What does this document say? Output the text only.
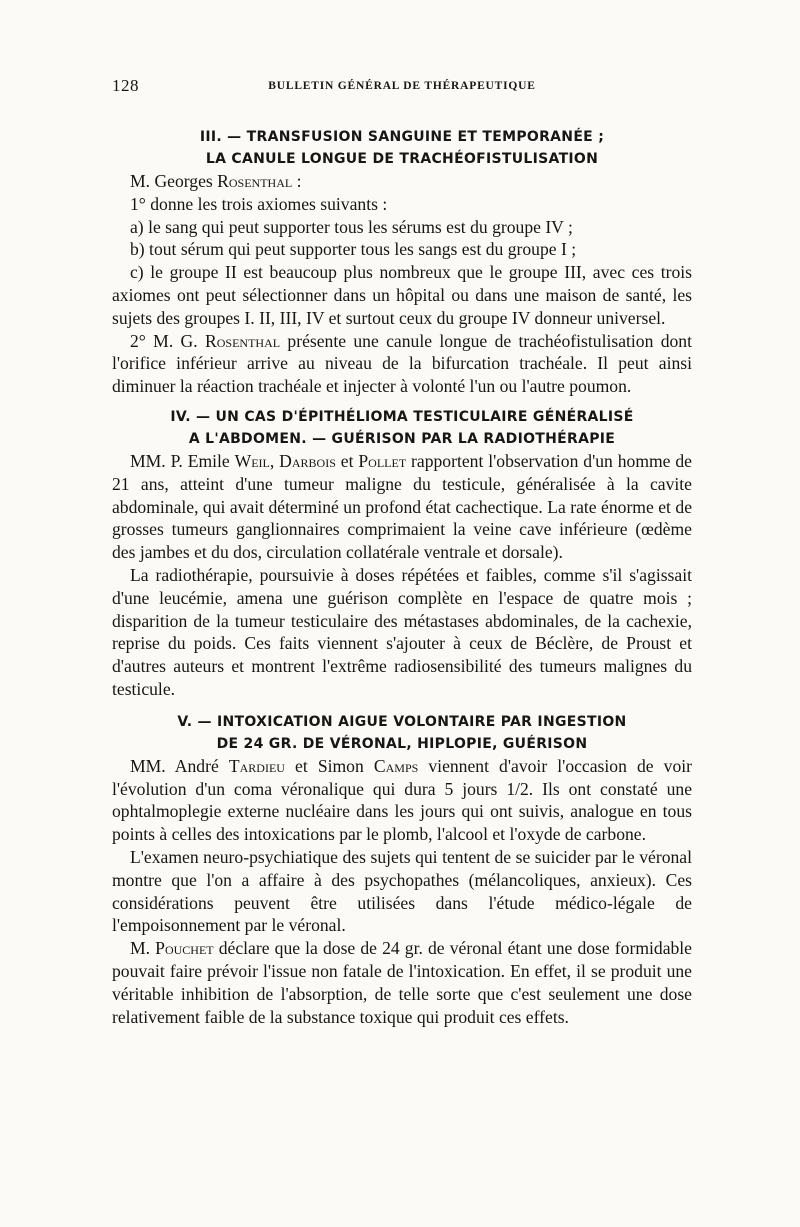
128	BULLETIN GÉNÉRAL DE THÉRAPEUTIQUE
III. — TRANSFUSION SANGUINE ET TEMPORANÉE ;
LA CANULE LONGUE DE TRACHÉOFISTULISATION

M. Georges Rosenthal :

1° donne les trois axiomes suivants :

a) le sang qui peut supporter tous les sérums est du groupe IV ;

b) tout sérum qui peut supporter tous les sangs est du groupe I ;

c) le groupe II est beaucoup plus nombreux que le groupe III, avec ces trois axiomes ont peut sélectionner dans un hôpital ou dans une maison de santé, les sujets des groupes I. II, III, IV et surtout ceux du groupe IV donneur universel.

2° M. G. Rosenthal présente une canule longue de trachéofistulisation dont l'orifice inférieur arrive au niveau de la bifurcation trachéale. Il peut ainsi diminuer la réaction trachéale et injecter à volonté l'un ou l'autre poumon.

IV. — UN CAS D'ÉPITHÉLIOMA TESTICULAIRE GÉNÉRALISÉ
A L'ABDOMEN. — GUÉRISON PAR LA RADIOTHÉRAPIE

MM. P. Emile Weil, Darbois et Pollet rapportent l'observation d'un homme de 21 ans, atteint d'une tumeur maligne du testicule, généralisée à la cavite abdominale, qui avait déterminé un profond état cachectique. La rate énorme et de grosses tumeurs ganglionnaires comprimaient la veine cave inférieure (œdème des jambes et du dos, circulation collatérale ventrale et dorsale).

La radiothérapie, poursuivie à doses répétées et faibles, comme s'il s'agissait d'une leucémie, amena une guérison complète en l'espace de quatre mois ; disparition de la tumeur testiculaire des métastases abdominales, de la cachexie, reprise du poids. Ces faits viennent s'ajouter à ceux de Béclère, de Proust et d'autres auteurs et montrent l'extrême radiosensibilité des tumeurs malignes du testicule.

V. — INTOXICATION AIGUE VOLONTAIRE PAR INGESTION
DE 24 GR. DE VÉRONAL, HIPLOPIE, GUÉRISON

MM. André Tardieu et Simon Camps viennent d'avoir l'occasion de voir l'évolution d'un coma véronalique qui dura 5 jours 1/2. Ils ont constaté une ophtalmoplegie externe nucléaire dans les jours qui ont suivis, analogue en tous points à celles des intoxications par le plomb, l'alcool et l'oxyde de carbone.

L'examen neuro-psychiatique des sujets qui tentent de se suicider par le véronal montre que l'on a affaire à des psychopathes (mélancoliques, anxieux). Ces considérations peuvent être utilisées dans l'étude médico-légale de l'empoisonnement par le véronal.

M. Pouchet déclare que la dose de 24 gr. de véronal étant une dose formidable pouvait faire prévoir l'issue non fatale de l'intoxication. En effet, il se produit une véritable inhibition de l'absorption, de telle sorte que c'est seulement une dose relativement faible de la substance toxique qui produit ces effets.
